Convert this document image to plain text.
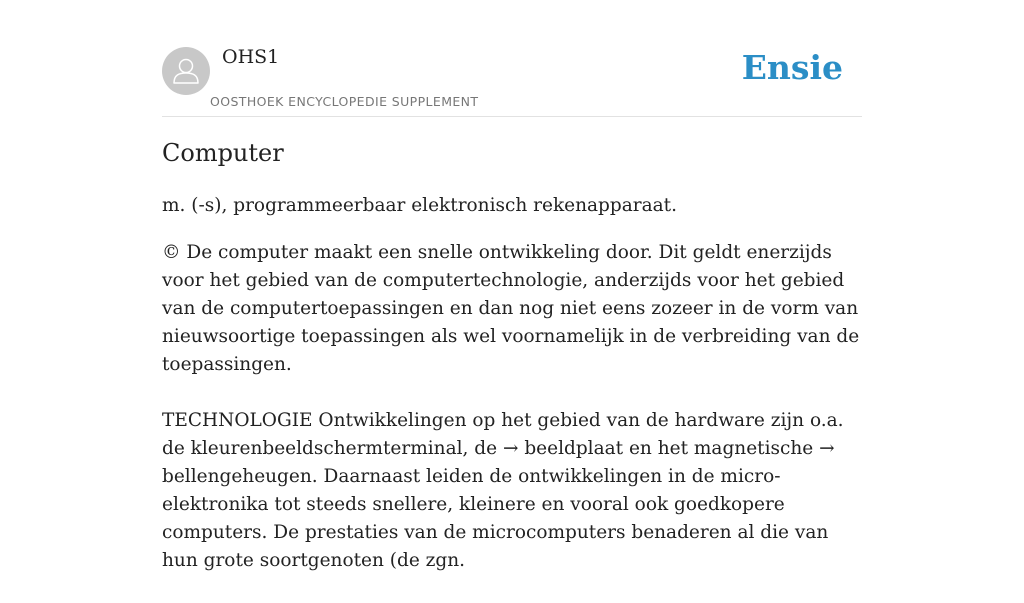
OHS1
OOSTHOEK ENCYCLOPEDIE SUPPLEMENT
Ensie
Computer

m. (-s), programmeerbaar elektronisch rekenapparaat.

© De computer maakt een snelle ontwikkeling door. Dit geldt enerzijds voor het gebied van de computertechnologie, anderzijds voor het gebied van de computertoepassingen en dan nog niet eens zozeer in de vorm van nieuwsoortige toepassingen als wel voornamelijk in de verbreiding van de toepassingen.

TECHNOLOGIE Ontwikkelingen op het gebied van de hardware zijn o.a. de kleurenbeeldschermterminal, de → beeldplaat en het magnetische → bellengeheugen. Daarnaast leiden de ontwikkelingen in de micro-elektronika tot steeds snellere, kleinere en vooral ook goedkopere computers. De prestaties van de microcomputers benaderen al die van hun grote soortgenoten (de zgn.
